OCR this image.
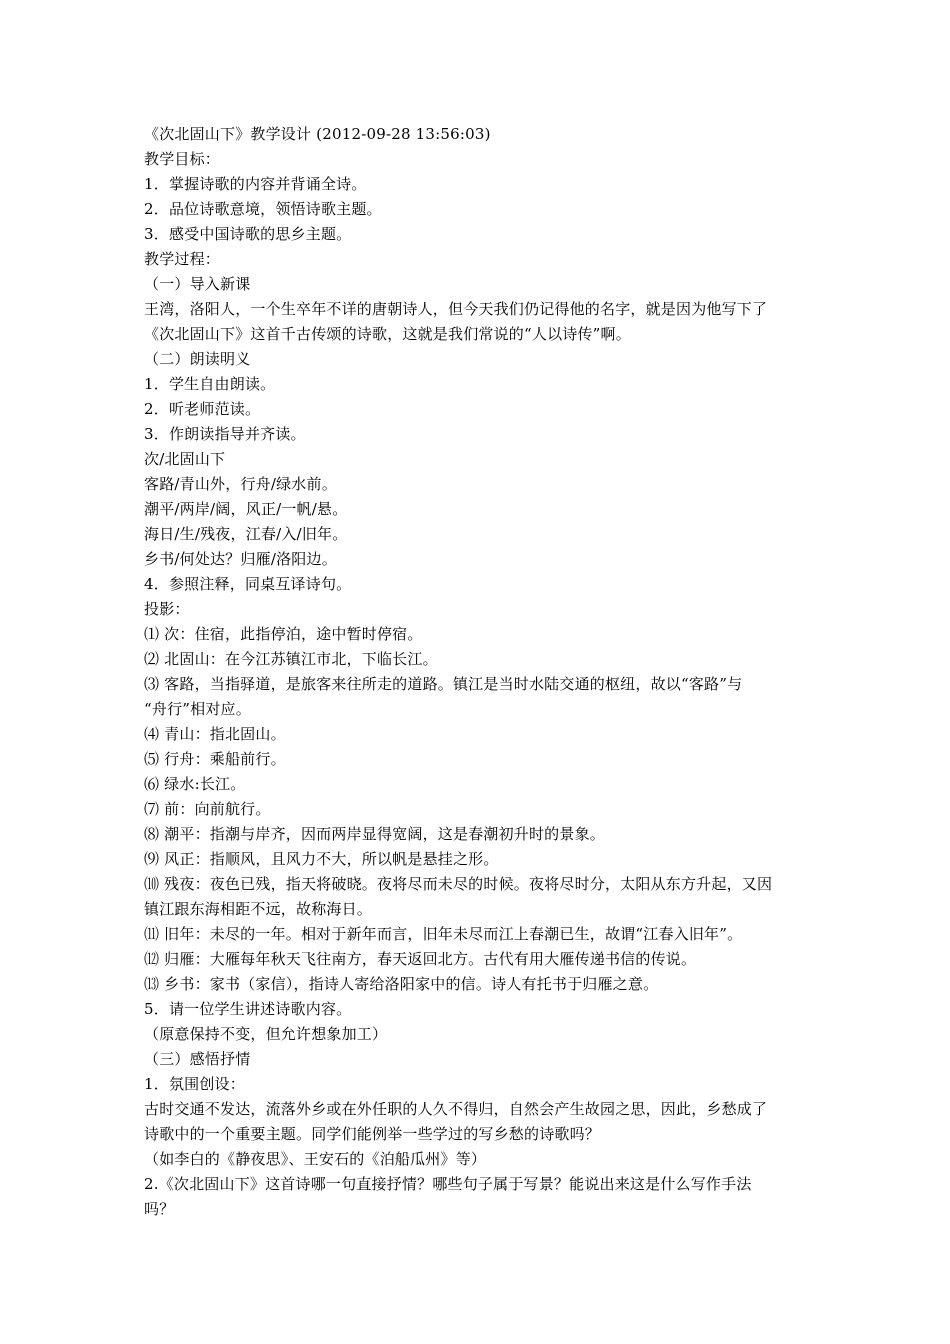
《次北固山下》教学设计 (2012-09-28 13:56:03)
教学目标：
1．掌握诗歌的内容并背诵全诗。
2．品位诗歌意境，领悟诗歌主题。
3．感受中国诗歌的思乡主题。
教学过程：
（一）导入新课
王湾，洛阳人，一个生卒年不详的唐朝诗人，但今天我们仍记得他的名字，就是因为他写下了
《次北固山下》这首千古传颂的诗歌，这就是我们常说的“人以诗传”啊。
（二）朗读明义
1．学生自由朗读。
2．听老师范读。
3．作朗读指导并齐读。
次/北固山下
客路/青山外，行舟/绿水前。
潮平/两岸/阔，风正/一帆/悬。
海日/生/残夜，江春/入/旧年。
乡书/何处达？归雁/洛阳边。
4．参照注释，同桌互译诗句。
投影：
⑴ 次：住宿，此指停泊，途中暂时停宿。
⑵ 北固山：在今江苏镇江市北，下临长江。
⑶ 客路，当指驿道，是旅客来往所走的道路。镇江是当时水陆交通的枢纽，故以“客路”与
“舟行”相对应。
⑷ 青山：指北固山。
⑸ 行舟：乘船前行。
⑹ 绿水:长江。
⑺ 前：向前航行。
⑻ 潮平：指潮与岸齐，因而两岸显得宽阔，这是春潮初升时的景象。
⑼ 风正：指顺风，且风力不大，所以帆是悬挂之形。
⑽ 残夜：夜色已残，指天将破晓。夜将尽而未尽的时候。夜将尽时分，太阳从东方升起，又因
镇江跟东海相距不远，故称海日。
⑾ 旧年：未尽的一年。相对于新年而言，旧年未尽而江上春潮已生，故谓“江春入旧年”。
⑿ 归雁：大雁每年秋天飞往南方，春天返回北方。古代有用大雁传递书信的传说。
⒀ 乡书：家书（家信），指诗人寄给洛阳家中的信。诗人有托书于归雁之意。
5．请一位学生讲述诗歌内容。
（原意保持不变，但允许想象加工）
（三）感悟抒情
1．氛围创设：
古时交通不发达，流落外乡或在外任职的人久不得归，自然会产生故园之思，因此，乡愁成了
诗歌中的一个重要主题。同学们能例举一些学过的写乡愁的诗歌吗？
（如李白的《静夜思》、王安石的《泊船瓜州》等）
2.《次北固山下》这首诗哪一句直接抒情？哪些句子属于写景？能说出来这是什么写作手法
吗？
